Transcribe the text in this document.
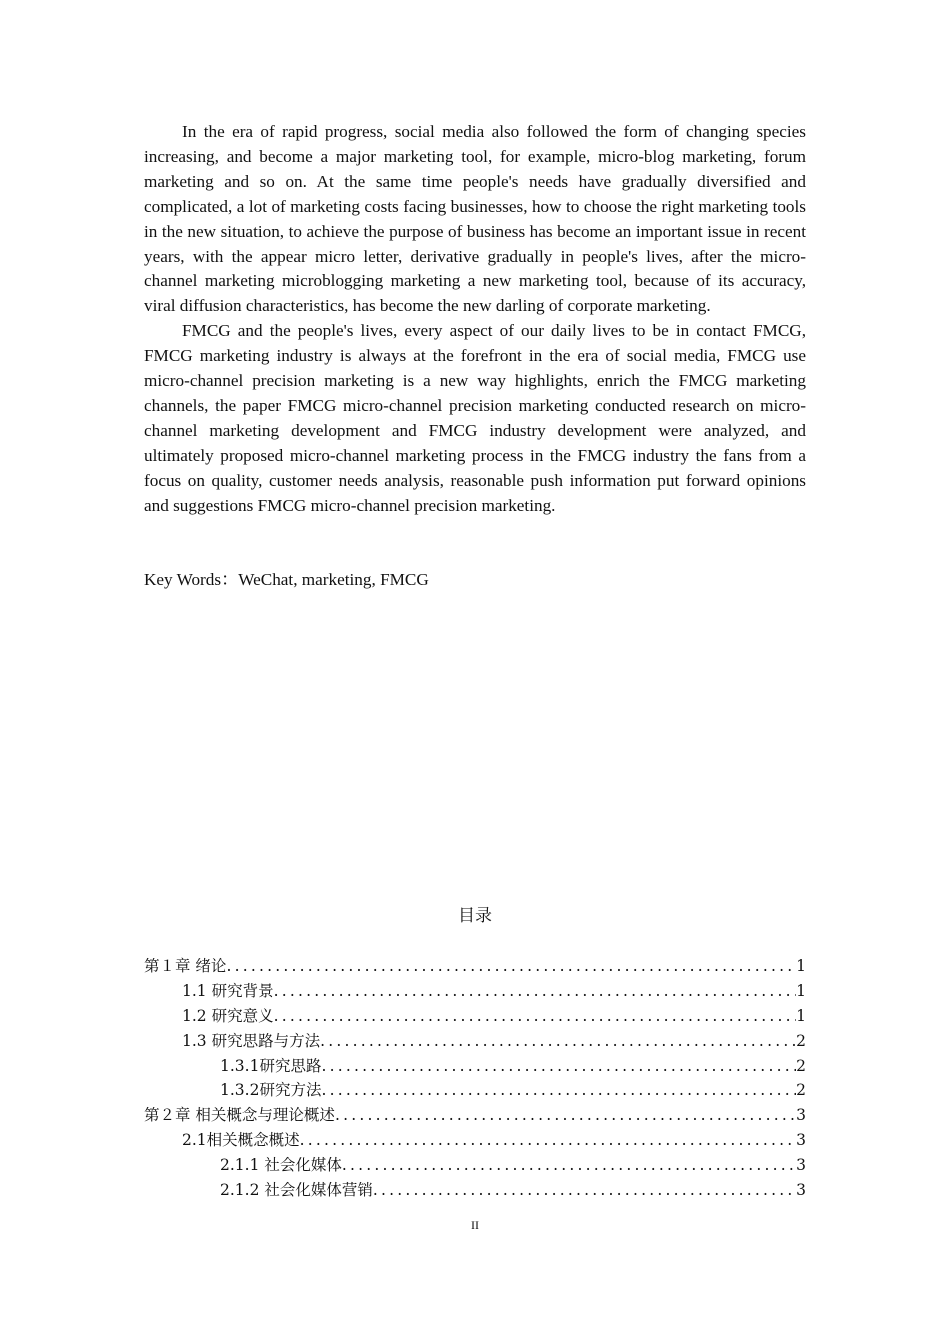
In the era of rapid progress, social media also followed the form of changing species increasing, and become a major marketing tool, for example, micro-blog marketing, forum marketing and so on. At the same time people's needs have gradually diversified and complicated, a lot of marketing costs facing businesses, how to choose the right marketing tools in the new situation, to achieve the purpose of business has become an important issue in recent years, with the appear micro letter, derivative gradually in people's lives, after the micro-channel marketing microblogging marketing a new marketing tool, because of its accuracy, viral diffusion characteristics, has become the new darling of corporate marketing.

FMCG and the people's lives, every aspect of our daily lives to be in contact FMCG, FMCG marketing industry is always at the forefront in the era of social media, FMCG use micro-channel precision marketing is a new way highlights, enrich the FMCG marketing channels, the paper FMCG micro-channel precision marketing conducted research on micro-channel marketing development and FMCG industry development were analyzed, and ultimately proposed micro-channel marketing process in the FMCG industry the fans from a focus on quality, customer needs analysis, reasonable push information put forward opinions and suggestions FMCG micro-channel precision marketing.

Key Words：WeChat, marketing, FMCG
目录
第１章 绪论 .....	1
1.1 研究背景 .....	1
1.2 研究意义 .....	1
1.3 研究思路与方法 .....	2
1.3.1研究思路 .....	2
1.3.2研究方法 .....	2
第２章 相关概念与理论概述 .....	3
2.1相关概念概述 .....	3
2.1.1 社会化媒体 .....	3
2.1.2 社会化媒体营销 .....	3
II
